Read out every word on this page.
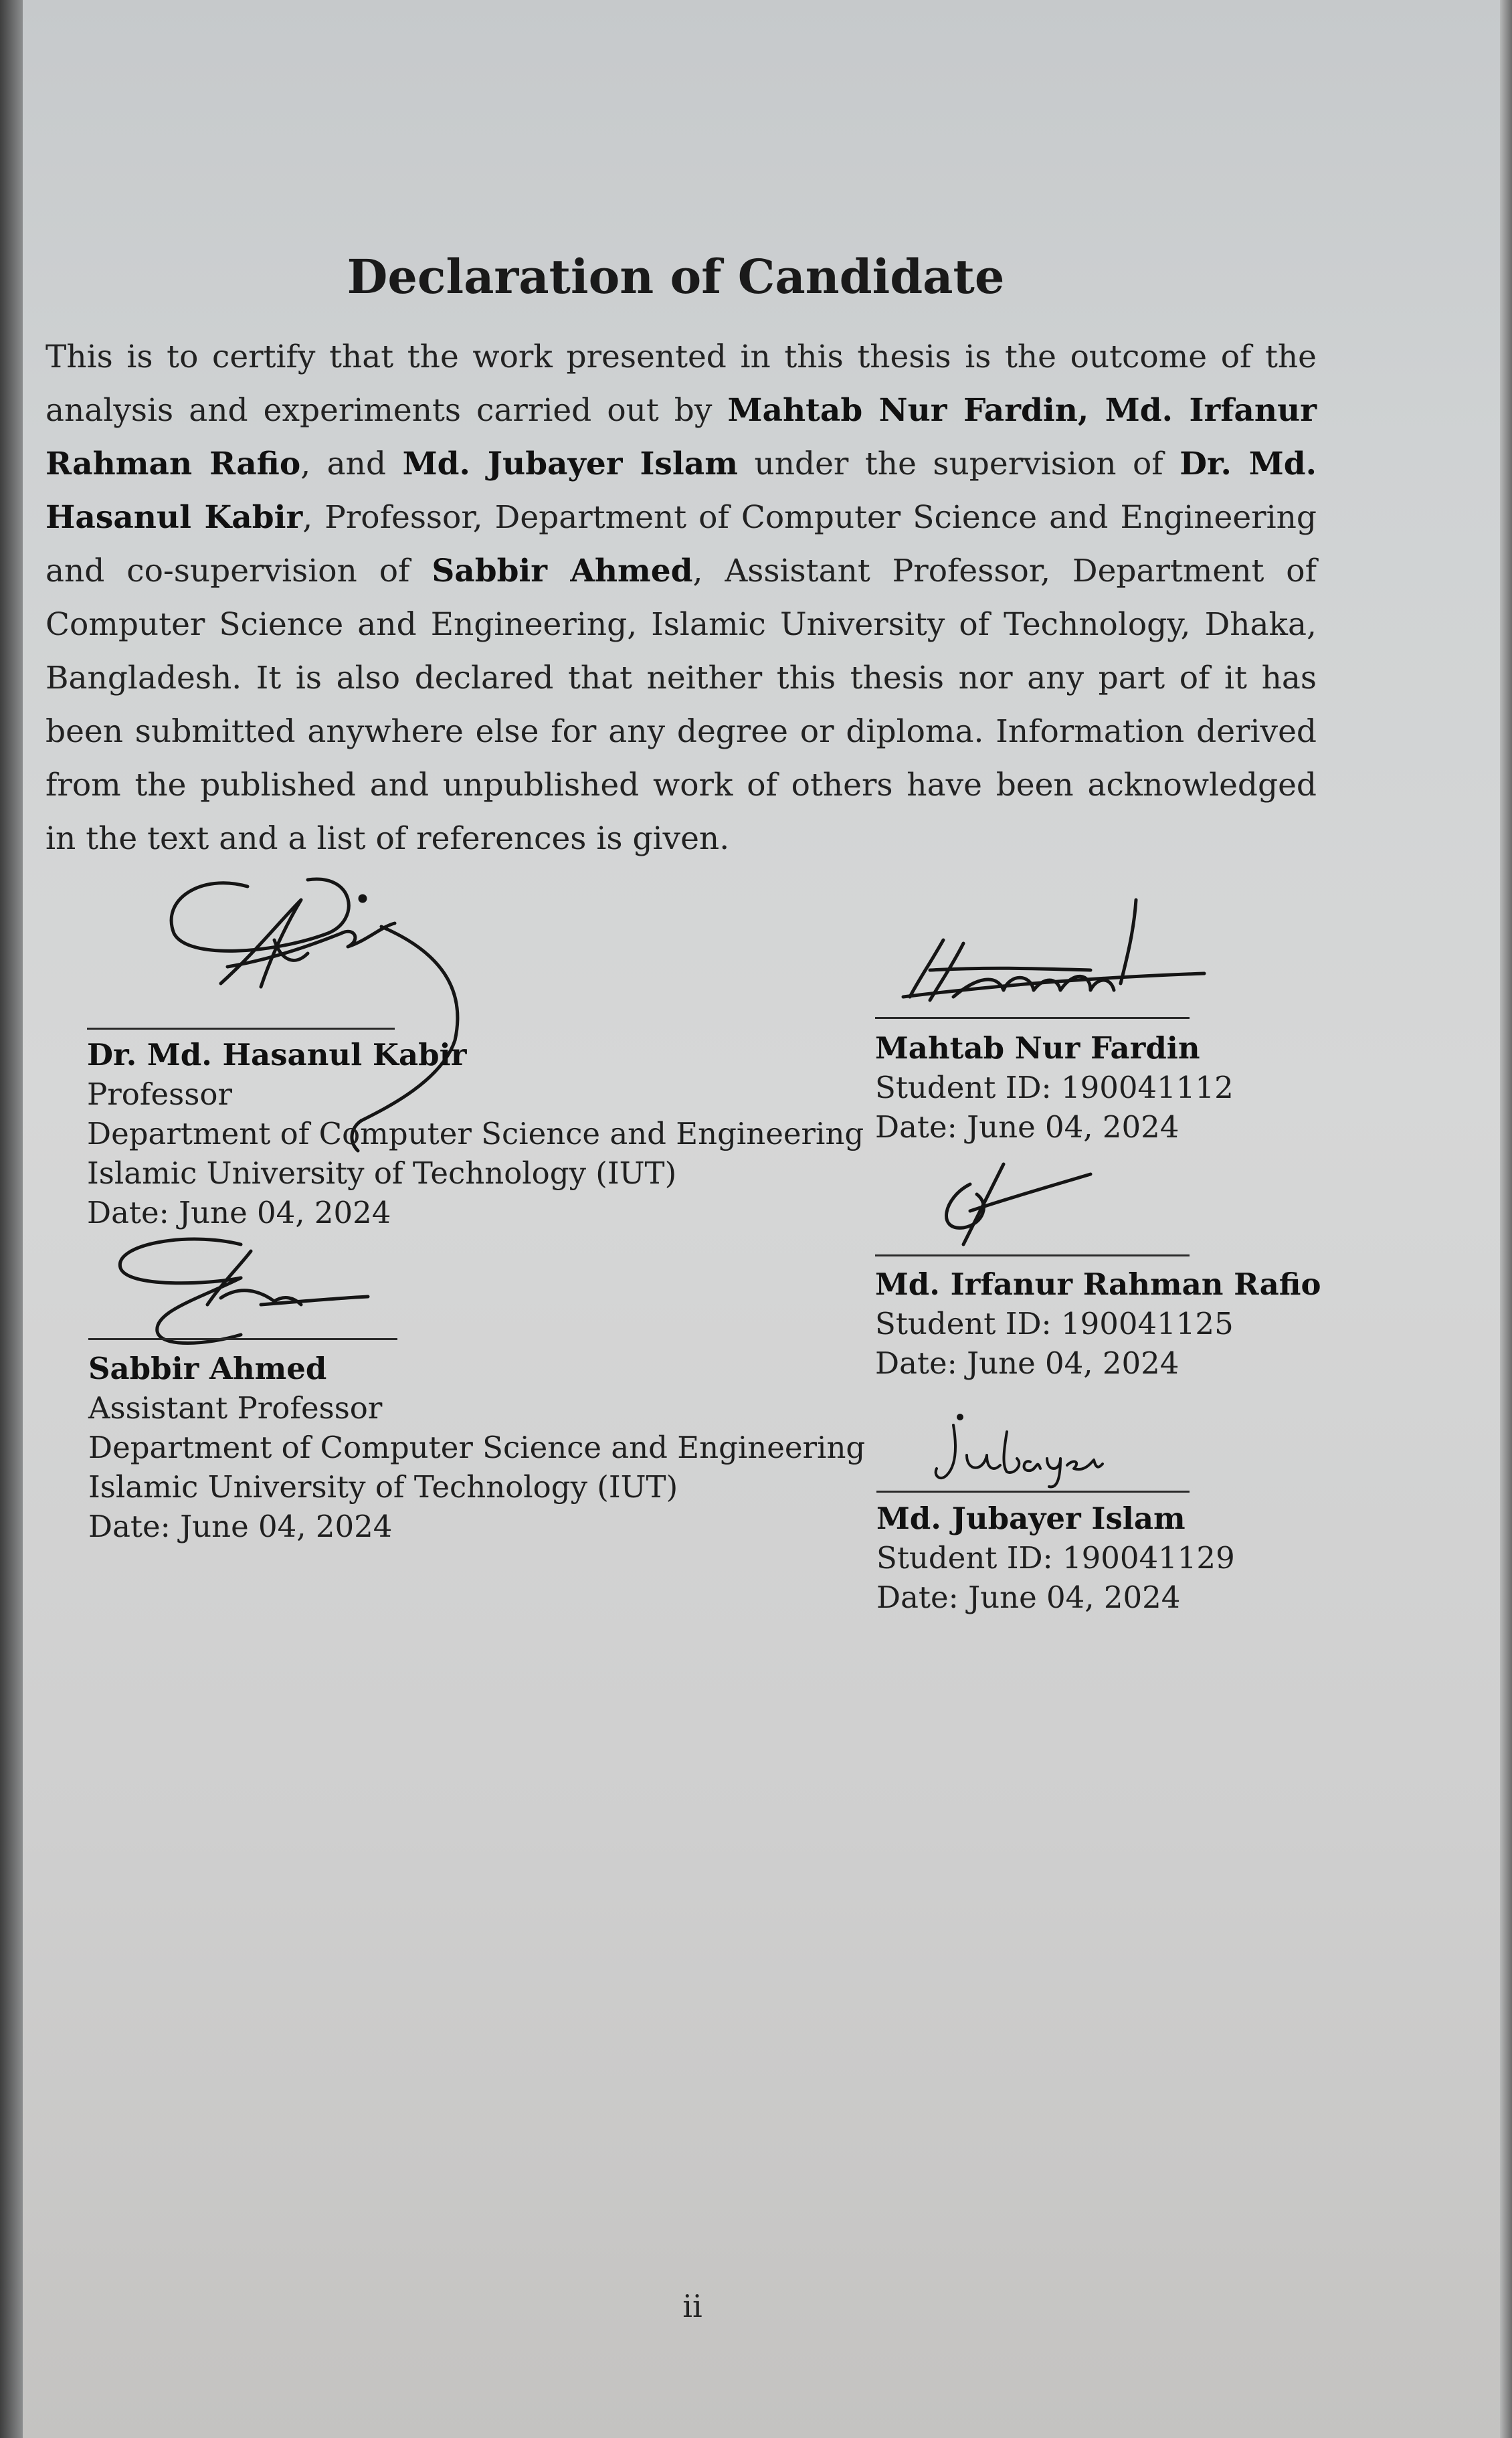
Declaration of Candidate
This is to certify that the work presented in this thesis is the outcome of the analysis and experiments carried out by Mahtab Nur Fardin, Md. Irfanur Rahman Rafio, and Md. Jubayer Islam under the supervision of Dr. Md. Hasanul Kabir, Professor, Department of Computer Science and Engineering and co-supervision of Sabbir Ahmed, Assistant Professor, Department of Computer Science and Engineering, Islamic University of Technology, Dhaka, Bangladesh. It is also declared that neither this thesis nor any part of it has been submitted anywhere else for any degree or diploma. Information derived from the published and unpublished work of others have been acknowledged in the text and a list of references is given.
Dr. Md. Hasanul Kabir
Professor
Department of Computer Science and Engineering
Islamic University of Technology (IUT)
Date: June 04, 2024
Sabbir Ahmed
Assistant Professor
Department of Computer Science and Engineering
Islamic University of Technology (IUT)
Date: June 04, 2024
Mahtab Nur Fardin
Student ID: 190041112
Date: June 04, 2024
Md. Irfanur Rahman Rafio
Student ID: 190041125
Date: June 04, 2024
Md. Jubayer Islam
Student ID: 190041129
Date: June 04, 2024
ii
